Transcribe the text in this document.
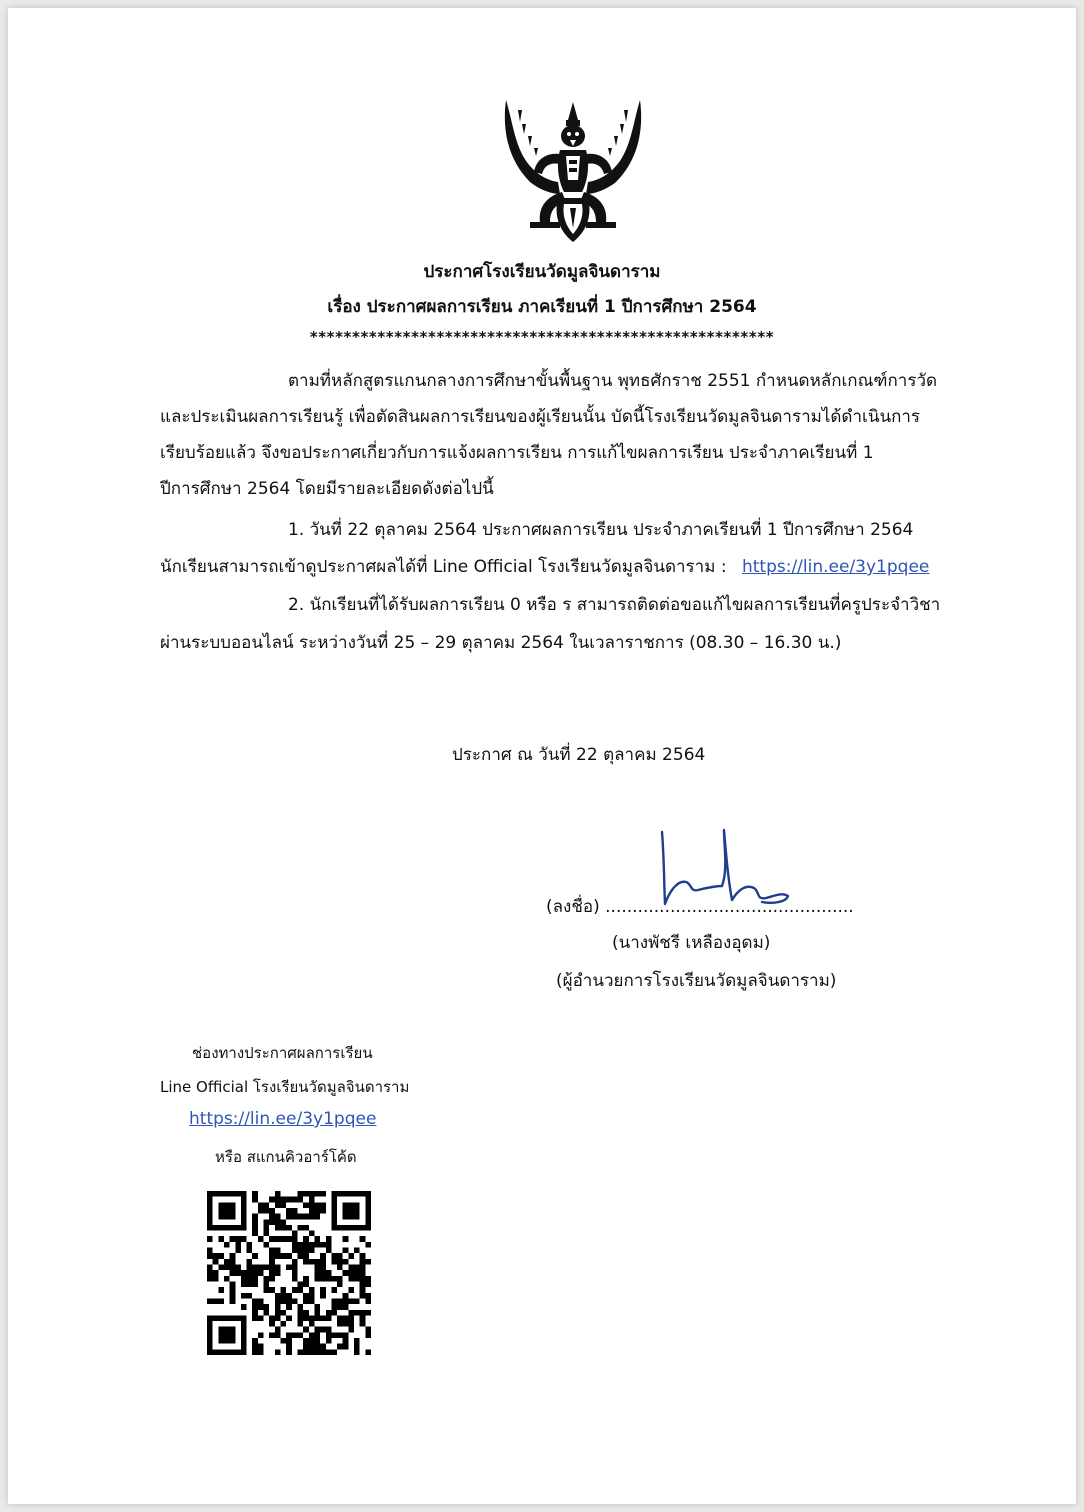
ประกาศโรงเรียนวัดมูลจินดาราม

เรื่อง ประกาศผลการเรียน ภาคเรียนที่ 1 ปีการศึกษา 2564

*******************************************************

ตามที่หลักสูตรแกนกลางการศึกษาขั้นพื้นฐาน พุทธศักราช 2551 กำหนดหลักเกณฑ์การวัด

และประเมินผลการเรียนรู้ เพื่อตัดสินผลการเรียนของผู้เรียนนั้น บัดนี้โรงเรียนวัดมูลจินดารามได้ดำเนินการ

เรียบร้อยแล้ว จึงขอประกาศเกี่ยวกับการแจ้งผลการเรียน การแก้ไขผลการเรียน ประจำภาคเรียนที่ 1

ปีการศึกษา 2564 โดยมีรายละเอียดดังต่อไปนี้

1. วันที่ 22 ตุลาคม 2564 ประกาศผลการเรียน ประจำภาคเรียนที่ 1 ปีการศึกษา 2564

นักเรียนสามารถเข้าดูประกาศผลได้ที่ Line Official โรงเรียนวัดมูลจินดาราม : https://lin.ee/3y1pqee

2. นักเรียนที่ได้รับผลการเรียน 0 หรือ ร สามารถติดต่อขอแก้ไขผลการเรียนที่ครูประจำวิชา

ผ่านระบบออนไลน์ ระหว่างวันที่ 25 – 29 ตุลาคม 2564 ในเวลาราชการ (08.30 – 16.30 น.)

ประกาศ ณ วันที่ 22 ตุลาคม 2564

(ลงชื่อ) ..............................................

(นางพัชรี เหลืองอุดม)

(ผู้อำนวยการโรงเรียนวัดมูลจินดาราม)

ช่องทางประกาศผลการเรียน

Line Official โรงเรียนวัดมูลจินดาราม

https://lin.ee/3y1pqee

หรือ สแกนคิวอาร์โค้ด
